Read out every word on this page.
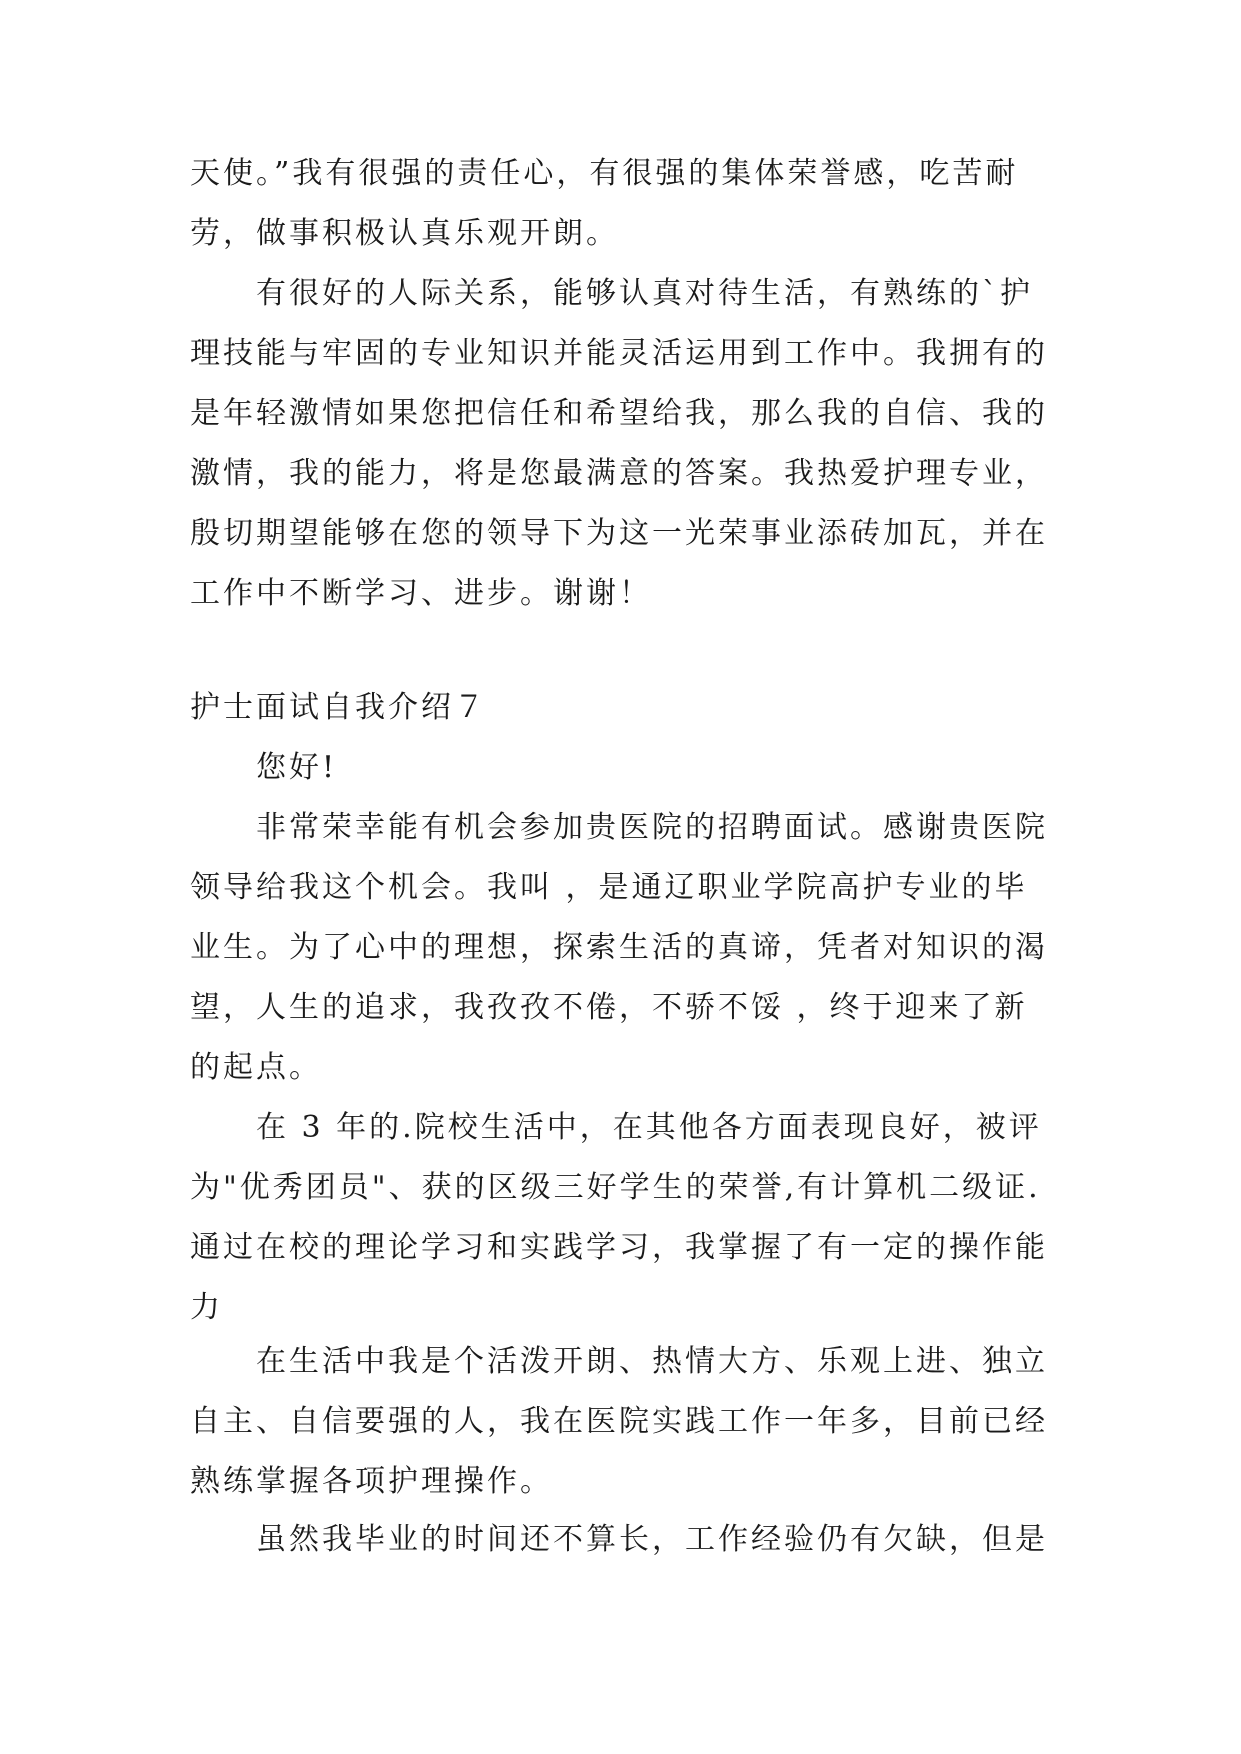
天使。”我有很强的责任心，有很强的集体荣誉感，吃苦耐
劳，做事积极认真乐观开朗。
有很好的人际关系，能够认真对待生活，有熟练的`护
理技能与牢固的专业知识并能灵活运用到工作中。我拥有的
是年轻激情如果您把信任和希望给我，那么我的自信、我的
激情，我的能力，将是您最满意的答案。我热爱护理专业，
殷切期望能够在您的领导下为这一光荣事业添砖加瓦，并在
工作中不断学习、进步。谢谢！
护士面试自我介绍７
您好!
非常荣幸能有机会参加贵医院的招聘面试。感谢贵医院
领导给我这个机会。我叫 ，是通辽职业学院高护专业的毕
业生。为了心中的理想，探索生活的真谛，凭者对知识的渴
望，人生的追求，我孜孜不倦，不骄不馁 ，终于迎来了新
的起点。
在 3 年的.院校生活中，在其他各方面表现良好，被评
为"优秀团员"、获的区级三好学生的荣誉,有计算机二级证.
通过在校的理论学习和实践学习，我掌握了有一定的操作能
力
在生活中我是个活泼开朗、热情大方、乐观上进、独立
自主、自信要强的人，我在医院实践工作一年多，目前已经
熟练掌握各项护理操作。
虽然我毕业的时间还不算长，工作经验仍有欠缺，但是
